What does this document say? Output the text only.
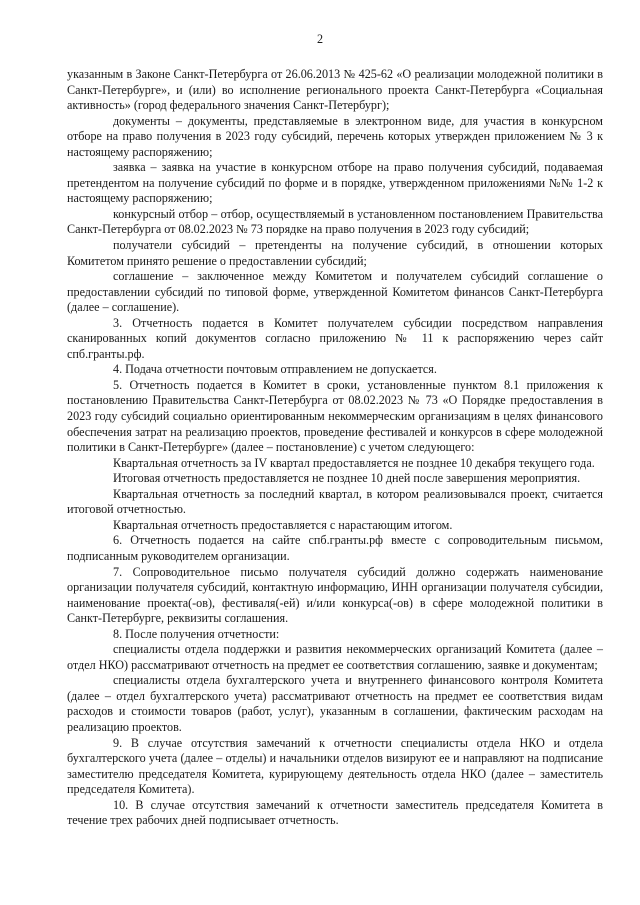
2

указанным в Законе Санкт-Петербурга от 26.06.2013 № 425-62 «О реализации молодежной политики в Санкт-Петербурге», и (или) во исполнение регионального проекта Санкт-Петербурга «Социальная активность» (город федерального значения Санкт-Петербург);

документы – документы, представляемые в электронном виде, для участия в конкурсном отборе на право получения в 2023 году субсидий, перечень которых утвержден приложением № 3 к настоящему распоряжению;

заявка – заявка на участие в конкурсном отборе на право получения субсидий, подаваемая претендентом на получение субсидий по форме и в порядке, утвержденном приложениями №№ 1-2 к настоящему распоряжению;

конкурсный отбор – отбор, осуществляемый в установленном постановлением Правительства Санкт-Петербурга от 08.02.2023 № 73 порядке на право получения в 2023 году субсидий;

получатели субсидий – претенденты на получение субсидий, в отношении которых Комитетом принято решение о предоставлении субсидий;

соглашение – заключенное между Комитетом и получателем субсидий соглашение о предоставлении субсидий по типовой форме, утвержденной Комитетом финансов Санкт-Петербурга (далее – соглашение).

3. Отчетность подается в Комитет получателем субсидии посредством направления сканированных копий документов согласно приложению № 11 к распоряжению через сайт спб.гранты.рф.

4. Подача отчетности почтовым отправлением не допускается.

5. Отчетность подается в Комитет в сроки, установленные пунктом 8.1 приложения к постановлению Правительства Санкт-Петербурга от 08.02.2023 № 73 «О Порядке предоставления в 2023 году субсидий социально ориентированным некоммерческим организациям в целях финансового обеспечения затрат на реализацию проектов, проведение фестивалей и конкурсов в сфере молодежной политики в Санкт-Петербурге» (далее – постановление) с учетом следующего:

Квартальная отчетность за IV квартал предоставляется не позднее 10 декабря текущего года.

Итоговая отчетность предоставляется не позднее 10 дней после завершения мероприятия.

Квартальная отчетность за последний квартал, в котором реализовывался проект, считается итоговой отчетностью.

Квартальная отчетность предоставляется с нарастающим итогом.

6. Отчетность подается на сайте спб.гранты.рф вместе с сопроводительным письмом, подписанным руководителем организации.

7. Сопроводительное письмо получателя субсидий должно содержать наименование организации получателя субсидий, контактную информацию, ИНН организации получателя субсидии, наименование проекта(-ов), фестиваля(-ей) и/или конкурса(-ов) в сфере молодежной политики в Санкт-Петербурге, реквизиты соглашения.

8. После получения отчетности:

специалисты отдела поддержки и развития некоммерческих организаций Комитета (далее – отдел НКО) рассматривают отчетность на предмет ее соответствия соглашению, заявке и документам;

специалисты отдела бухгалтерского учета и внутреннего финансового контроля Комитета (далее – отдел бухгалтерского учета) рассматривают отчетность на предмет ее соответствия видам расходов и стоимости товаров (работ, услуг), указанным в соглашении, фактическим расходам на реализацию проектов.

9. В случае отсутствия замечаний к отчетности специалисты отдела НКО и отдела бухгалтерского учета (далее – отделы) и начальники отделов визируют ее и направляют на подписание заместителю председателя Комитета, курирующему деятельность отдела НКО (далее – заместитель председателя Комитета).

10. В случае отсутствия замечаний к отчетности заместитель председателя Комитета в течение трех рабочих дней подписывает отчетность.
